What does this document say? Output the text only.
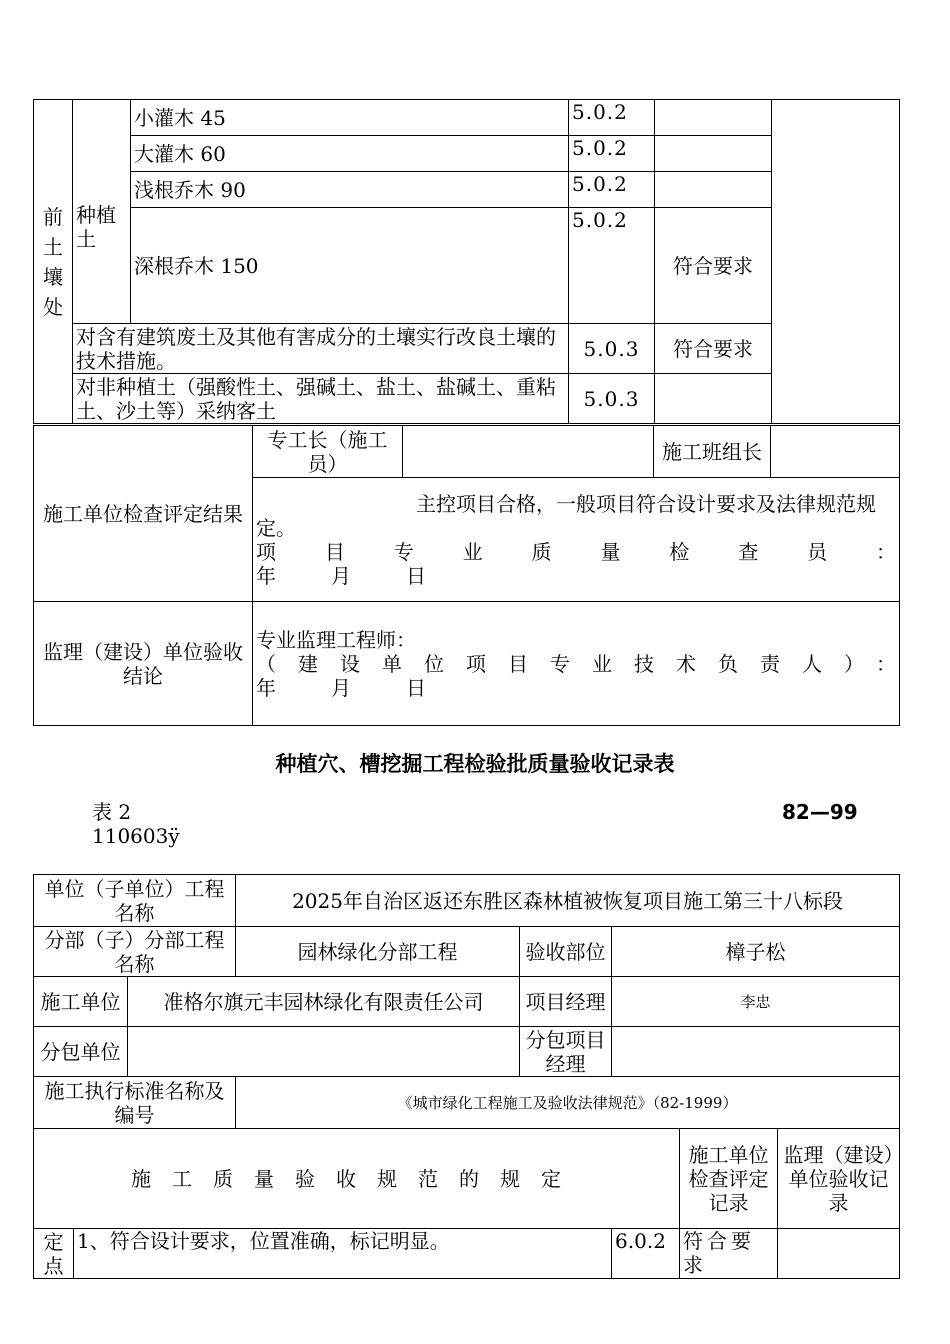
前土壤处	种植土	小灌木 45	5.0.2		
		大灌木 60	5.0.2		
		浅根乔木 90	5.0.2		
		深根乔木 150	5.0.2	符合要求	
	对含有建筑废土及其他有害成分的土壤实行改良土壤的技术措施。		5.0.3	符合要求	
	对非种植土（强酸性土、强碱土、盐土、盐碱土、重粘土、沙土等）采纳客土		5.0.3		
施工单位检查评定结果	专工长（施工员）		施工班组长	

	主控项目合格，一般项目符合设计要求及法律规范规定。
项目专业质量检查员：
年月日			

监理（建设）单位验收结论	专业监理工程师：
（建设单位项目专业技术负责人）：
年月日			
种植穴、槽挖掘工程检验批质量验收记录表
表 2
110603ÿ
82—99
单位（子单位）工程名称			2025年自治区返还东胜区森林植被恢复项目施工第三十八标段				
分部（子）分部工程名称			园林绿化分部工程	验收部位	樟子松		
施工单位		准格尔旗元丰园林绿化有限责任公司		项目经理	李忠		
分包单位				分包项目经理			
施工执行标准名称及编号			《城市绿化工程施工及验收法律规范》（82-1999）				
施工质量验收规范的规定						施工单位检查评定记录	监理（建设）单位验收记录
定点	1、符合设计要求，位置准确，标记明显。				6.0.2	符合要求	
